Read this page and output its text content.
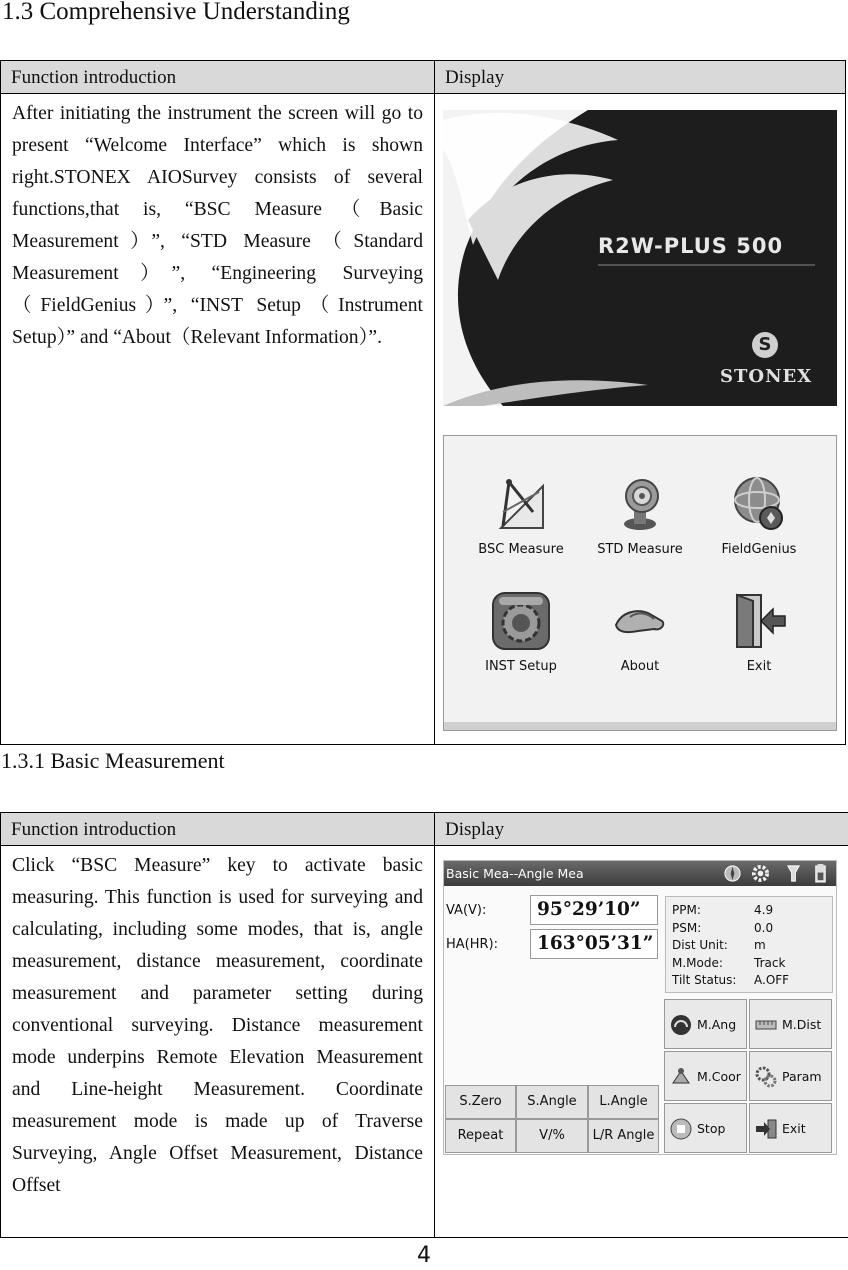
1.3 Comprehensive Understanding
Function introduction	Display
After initiating the instrument the screen will go to present “Welcome Interface” which is shown right.STONEX AIOSurvey consists of several functions,that is, “BSC Measure（Basic Measurement）”, “STD Measure（Standard Measurement）”, “Engineering Surveying（FieldGenius）”, “INST Setup（Instrument Setup）” and “About（Relevant Information）”.	
R2W-PLUS 500
S
STONEX
BSC Measure	STD Measure	FieldGenius
INST Setup	About	Exit
1.3.1 Basic Measurement
Function introduction	Display
Click “BSC Measure” key to activate basic measuring. This function is used for surveying and calculating, including some modes, that is, angle measurement, distance measurement, coordinate measurement and parameter setting during conventional surveying. Distance measurement mode underpins Remote Elevation Measurement and Line-height Measurement. Coordinate measurement mode is made up of Traverse Surveying, Angle Offset Measurement, Distance Offset	
Basic Mea--Angle Mea
VA(V):	95°29’10”
HA(HR):	163°05’31”
PPM:	4.9
PSM:	0.0
Dist Unit: m
M.Mode:	Track
Tilt Status: A.OFF
S.Zero	S.Angle	L.Angle
Repeat	V/%	L/R Angle
M.Ang	M.Dist
M.Coor	Param
Stop	Exit
4
